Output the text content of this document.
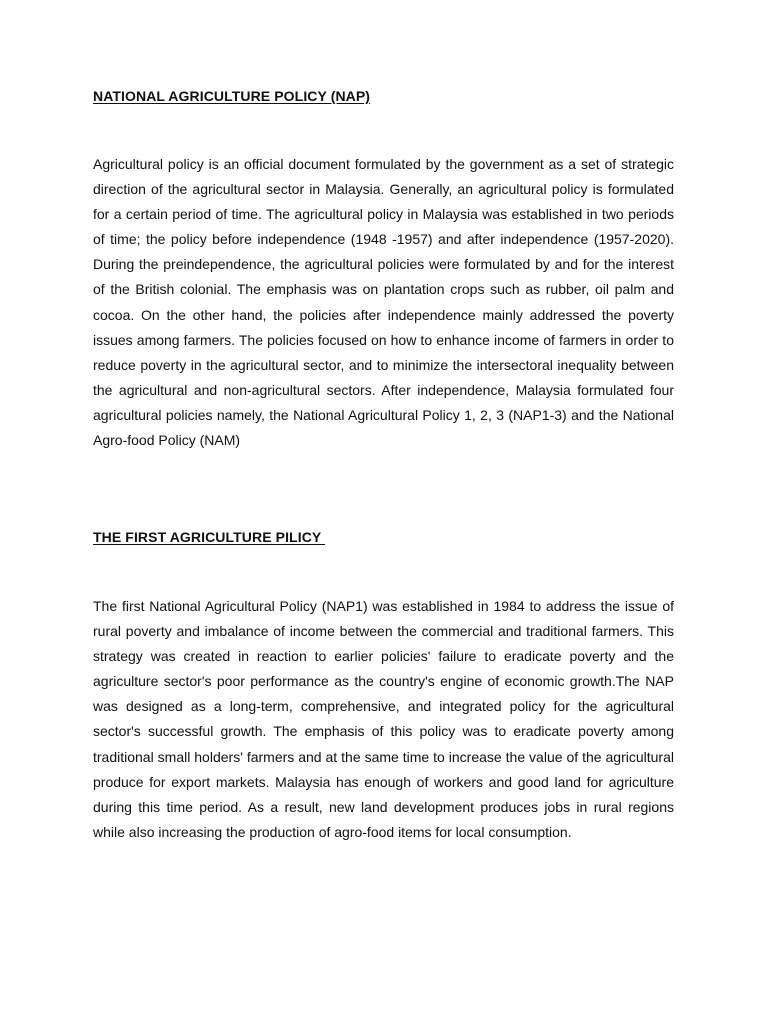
NATIONAL AGRICULTURE POLICY (NAP)

Agricultural policy is an official document formulated by the government as a set of strategic direction of the agricultural sector in Malaysia. Generally, an agricultural policy is formulated for a certain period of time. The agricultural policy in Malaysia was established in two periods of time; the policy before independence (1948 -1957) and after independence (1957-2020). During the preindependence, the agricultural policies were formulated by and for the interest of the British colonial. The emphasis was on plantation crops such as rubber, oil palm and cocoa. On the other hand, the policies after independence mainly addressed the poverty issues among farmers. The policies focused on how to enhance income of farmers in order to reduce poverty in the agricultural sector, and to minimize the intersectoral inequality between the agricultural and non-agricultural sectors. After independence, Malaysia formulated four agricultural policies namely, the National Agricultural Policy 1, 2, 3 (NAP1-3) and the National Agro-food Policy (NAM)

THE FIRST AGRICULTURE PILICY

The first National Agricultural Policy (NAP1) was established in 1984 to address the issue of rural poverty and imbalance of income between the commercial and traditional farmers. This strategy was created in reaction to earlier policies' failure to eradicate poverty and the agriculture sector's poor performance as the country's engine of economic growth.The NAP was designed as a long-term, comprehensive, and integrated policy for the agricultural sector's successful growth. The emphasis of this policy was to eradicate poverty among traditional small holders' farmers and at the same time to increase the value of the agricultural produce for export markets. Malaysia has enough of workers and good land for agriculture during this time period. As a result, new land development produces jobs in rural regions while also increasing the production of agro-food items for local consumption.
